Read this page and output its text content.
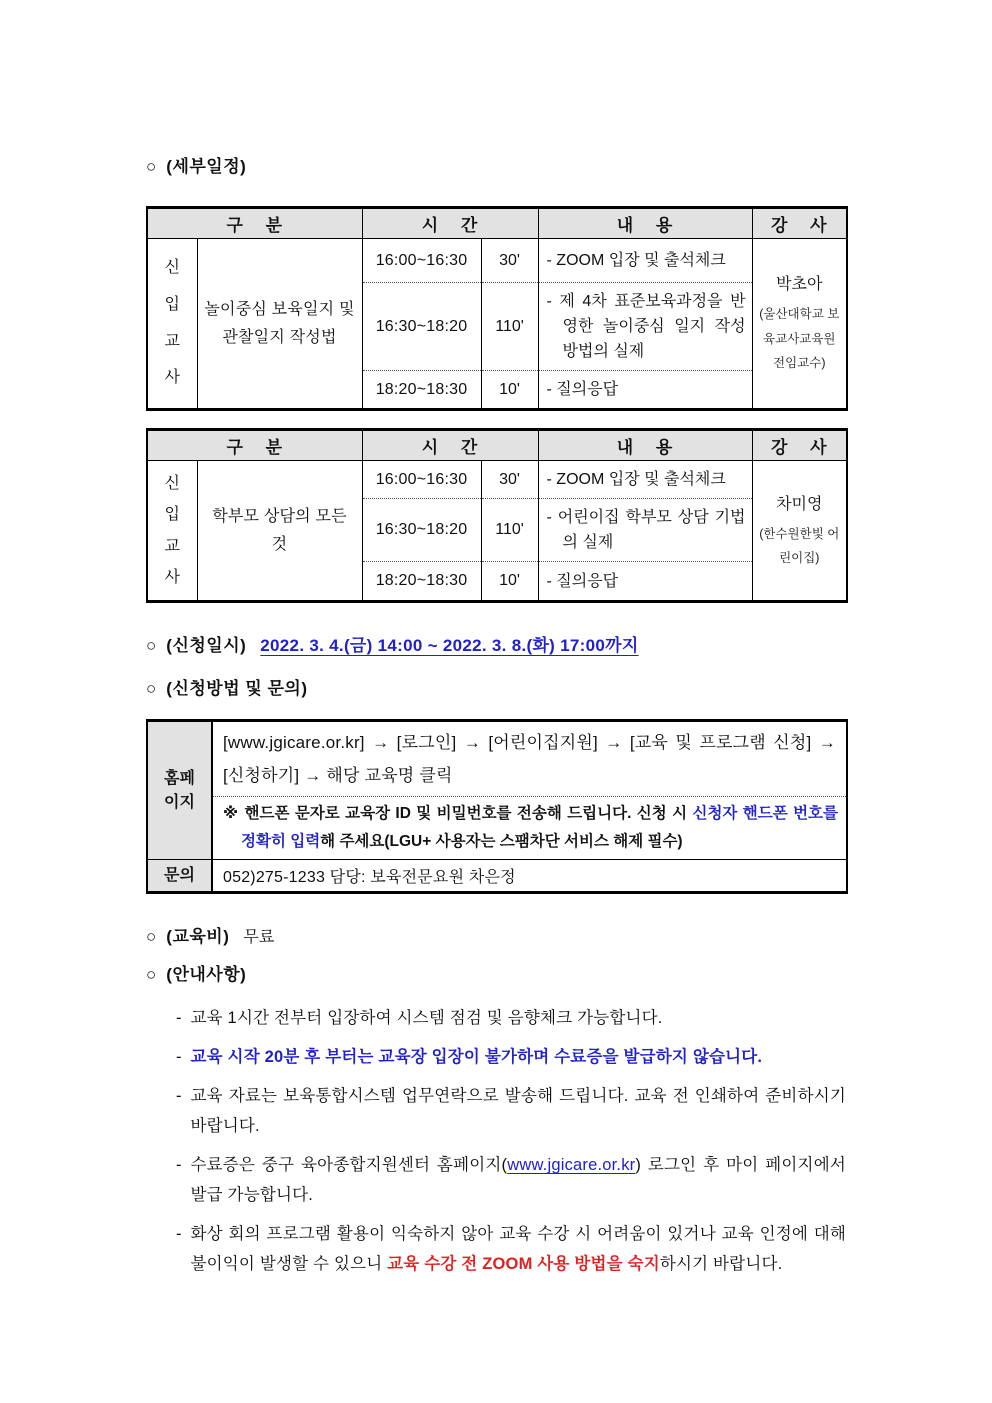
○ (세부일정)
구 분		시 간		내 용	강 사
신입교사	놀이중심 보육일지 및 관찰일지 작성법	16:00~16:30	30'	- ZOOM 입장 및 출석체크	박초아
(울산대학교 보육교사교육원 전임교수)

		16:30~18:20	110'	- 제 4차 표준보육과정을 반영한 놀이중심 일지 작성 방법의 실제	
		18:20~18:30	10'	- 질의응답	
구 분		시 간		내 용	강 사
신입교사	학부모 상담의 모든 것	16:00~16:30	30'	- ZOOM 입장 및 출석체크	차미영
(한수원한빛 어린이집)

		16:30~18:20	110'	- 어린이집 학부모 상담 기법의 실제	
		18:20~18:30	10'	- 질의응답	
○ (신청일시) 2022. 3. 4.(금) 14:00 ~ 2022. 3. 8.(화) 17:00까지
○ (신청방법 및 문의)
홈페이지	[www.jgicare.or.kr] → [로그인] → [어린이집지원] → [교육 및 프로그램 신청] → [신청하기] → 해당 교육명 클릭
	※ 핸드폰 문자로 교육장 ID 및 비밀번호를 전송해 드립니다. 신청 시 신청자 핸드폰 번호를 정확히 입력해 주세요(LGU+ 사용자는 스팸차단 서비스 해제 필수)
문의	052)275-1233 담당: 보육전문요원 차은정
○ (교육비) 무료
○ (안내사항)
- 교육 1시간 전부터 입장하여 시스템 점검 및 음향체크 가능합니다.
- 교육 시작 20분 후 부터는 교육장 입장이 불가하며 수료증을 발급하지 않습니다.
- 교육 자료는 보육통합시스템 업무연락으로 발송해 드립니다. 교육 전 인쇄하여 준비하시기 바랍니다.
- 수료증은 중구 육아종합지원센터 홈페이지(www.jgicare.or.kr) 로그인 후 마이 페이지에서 발급 가능합니다.
- 화상 회의 프로그램 활용이 익숙하지 않아 교육 수강 시 어려움이 있거나 교육 인정에 대해 불이익이 발생할 수 있으니 교육 수강 전 ZOOM 사용 방법을 숙지하시기 바랍니다.
